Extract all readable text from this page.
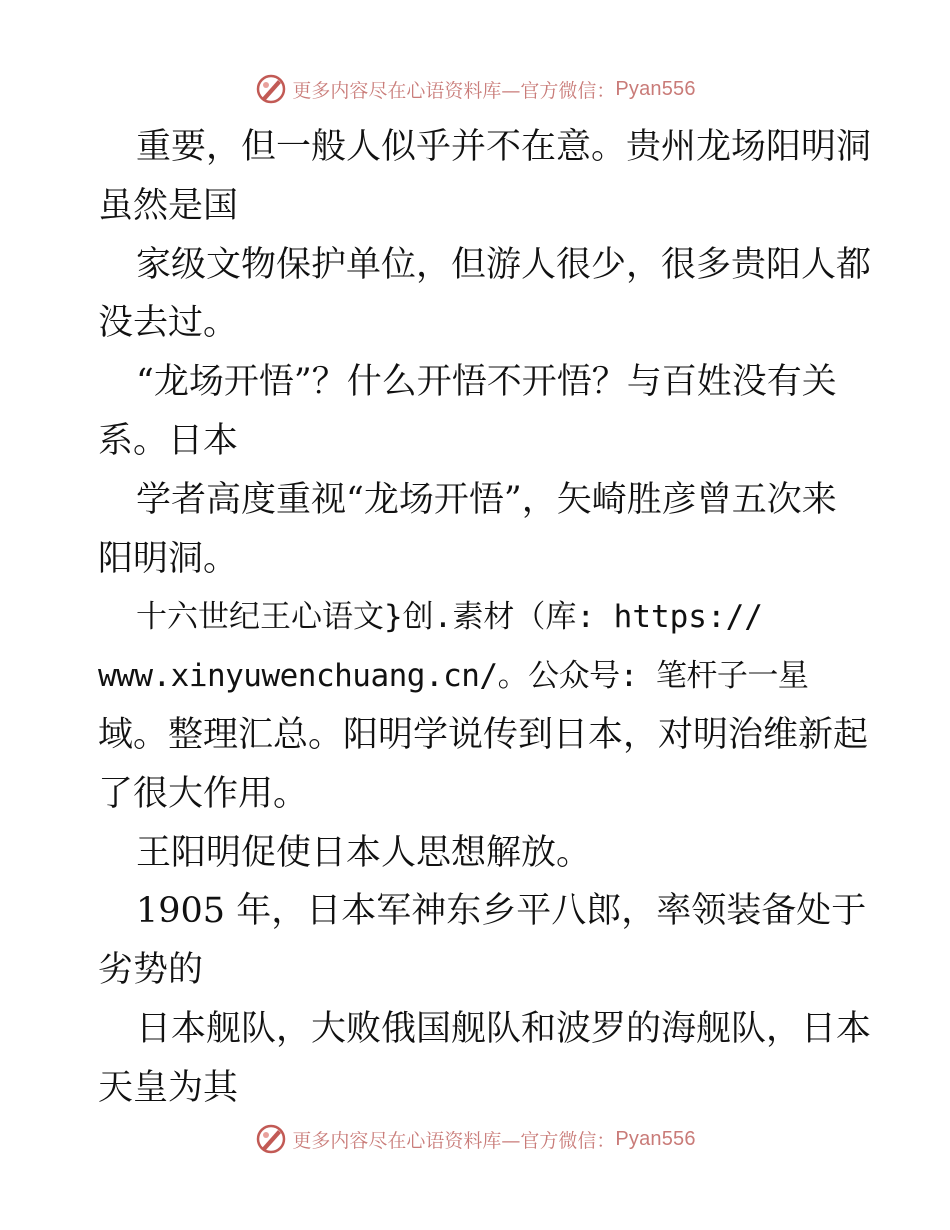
更多内容尽在心语资料库—官方微信： Pyan556
重要，但一般人似乎并不在意。贵州龙场阳明洞
虽然是国
家级文物保护单位，但游人很少，很多贵阳人都
没去过。
“龙场开悟”？什么开悟不开悟？与百姓没有关
系。日本
学者高度重视“龙场开悟”，矢崎胜彦曾五次来
阳明洞。
十六世纪王心语文}创.素材（库: https://
www.xinyuwenchuang.cn/。公众号: 笔杆子一星
域。整理汇总。阳明学说传到日本，对明治维新起
了很大作用。
王阳明促使日本人思想解放。
1905 年，日本军神东乡平八郎，率领装备处于
劣势的
日本舰队，大败俄国舰队和波罗的海舰队，日本
天皇为其
更多内容尽在心语资料库—官方微信： Pyan556
